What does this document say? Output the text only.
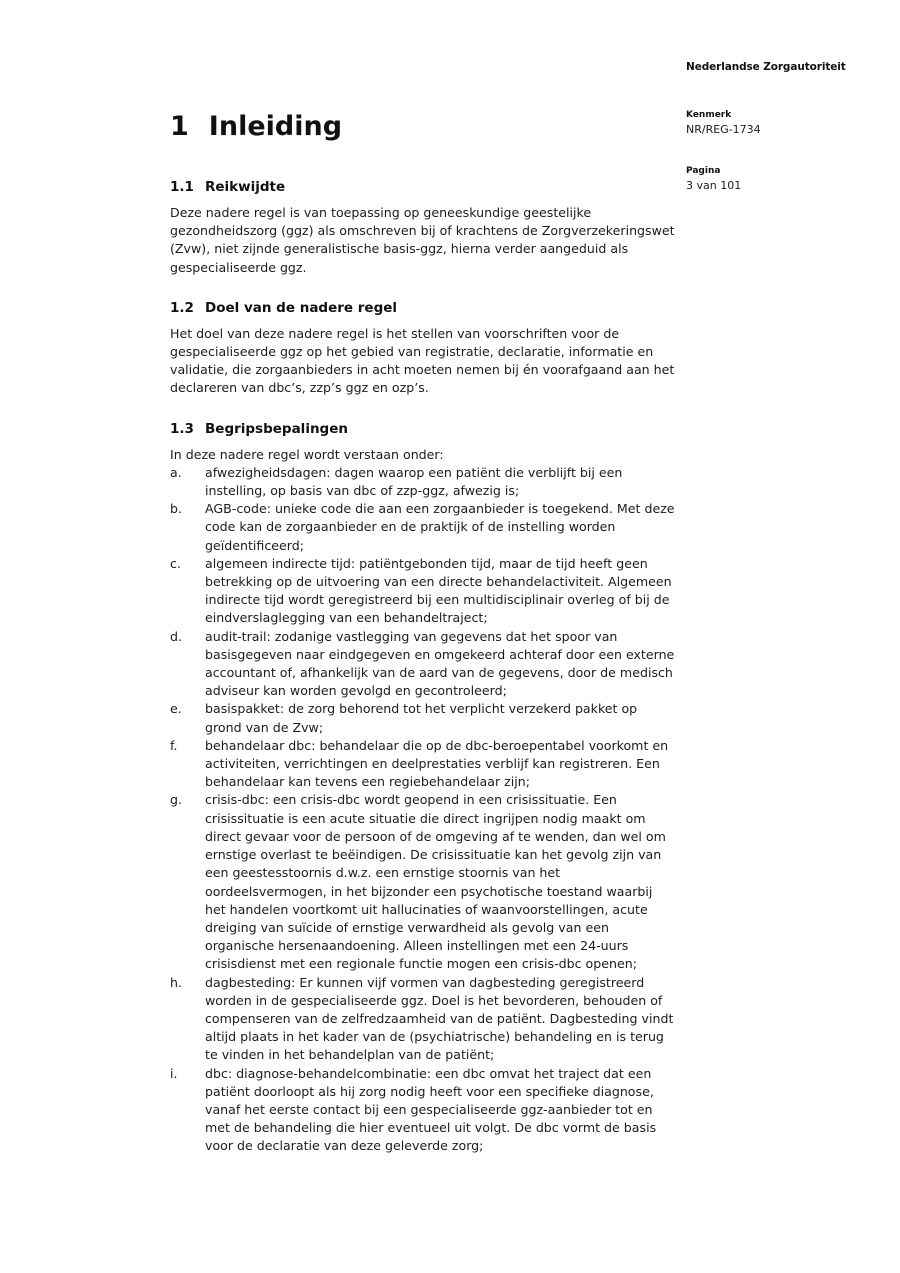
1 Inleiding
1.1 Reikwijdte

Deze nadere regel is van toepassing op geneeskundige geestelijke gezondheidszorg (ggz) als omschreven bij of krachtens de Zorgverzekeringswet (Zvw), niet zijnde generalistische basis-ggz, hierna verder aangeduid als gespecialiseerde ggz.

1.2 Doel van de nadere regel

Het doel van deze nadere regel is het stellen van voorschriften voor de gespecialiseerde ggz op het gebied van registratie, declaratie, informatie en validatie, die zorgaanbieders in acht moeten nemen bij én voorafgaand aan het declareren van dbc’s, zzp’s ggz en ozp’s.

1.3 Begripsbepalingen

In deze nadere regel wordt verstaan onder:

a.	afwezigheidsdagen: dagen waarop een patiënt die verblijft bij een instelling, op basis van dbc of zzp-ggz, afwezig is;
b.	AGB-code: unieke code die aan een zorgaanbieder is toegekend. Met deze code kan de zorgaanbieder en de praktijk of de instelling worden geïdentificeerd;
c.	algemeen indirecte tijd: patiëntgebonden tijd, maar de tijd heeft geen betrekking op de uitvoering van een directe behandelactiviteit. Algemeen indirecte tijd wordt geregistreerd bij een multidisciplinair overleg of bij de eindverslaglegging van een behandeltraject;
d.	audit-trail: zodanige vastlegging van gegevens dat het spoor van basisgegeven naar eindgegeven en omgekeerd achteraf door een externe accountant of, afhankelijk van de aard van de gegevens, door de medisch adviseur kan worden gevolgd en gecontroleerd;
e.	basispakket: de zorg behorend tot het verplicht verzekerd pakket op grond van de Zvw;
f.	behandelaar dbc: behandelaar die op de dbc-beroepentabel voorkomt en activiteiten, verrichtingen en deelprestaties verblijf kan registreren. Een behandelaar kan tevens een regiebehandelaar zijn;
g.	crisis-dbc: een crisis-dbc wordt geopend in een crisissituatie. Een crisissituatie is een acute situatie die direct ingrijpen nodig maakt om direct gevaar voor de persoon of de omgeving af te wenden, dan wel om ernstige overlast te beëindigen. De crisissituatie kan het gevolg zijn van een geestesstoornis d.w.z. een ernstige stoornis van het oordeelsvermogen, in het bijzonder een psychotische toestand waarbij het handelen voortkomt uit hallucinaties of waanvoorstellingen, acute dreiging van suïcide of ernstige verwardheid als gevolg van een organische hersenaandoening. Alleen instellingen met een 24-uurs crisisdienst met een regionale functie mogen een crisis-dbc openen;
h.	dagbesteding: Er kunnen vijf vormen van dagbesteding geregistreerd worden in de gespecialiseerde ggz. Doel is het bevorderen, behouden of compenseren van de zelfredzaamheid van de patiënt. Dagbesteding vindt altijd plaats in het kader van de (psychiatrische) behandeling en is terug te vinden in het behandelplan van de patiënt;
i.	dbc: diagnose-behandelcombinatie: een dbc omvat het traject dat een patiënt doorloopt als hij zorg nodig heeft voor een specifieke diagnose, vanaf het eerste contact bij een gespecialiseerde ggz-aanbieder tot en met de behandeling die hier eventueel uit volgt. De dbc vormt de basis voor de declaratie van deze geleverde zorg;
Nederlandse Zorgautoriteit
Kenmerk
NR/REG-1734
Pagina
3 van 101
